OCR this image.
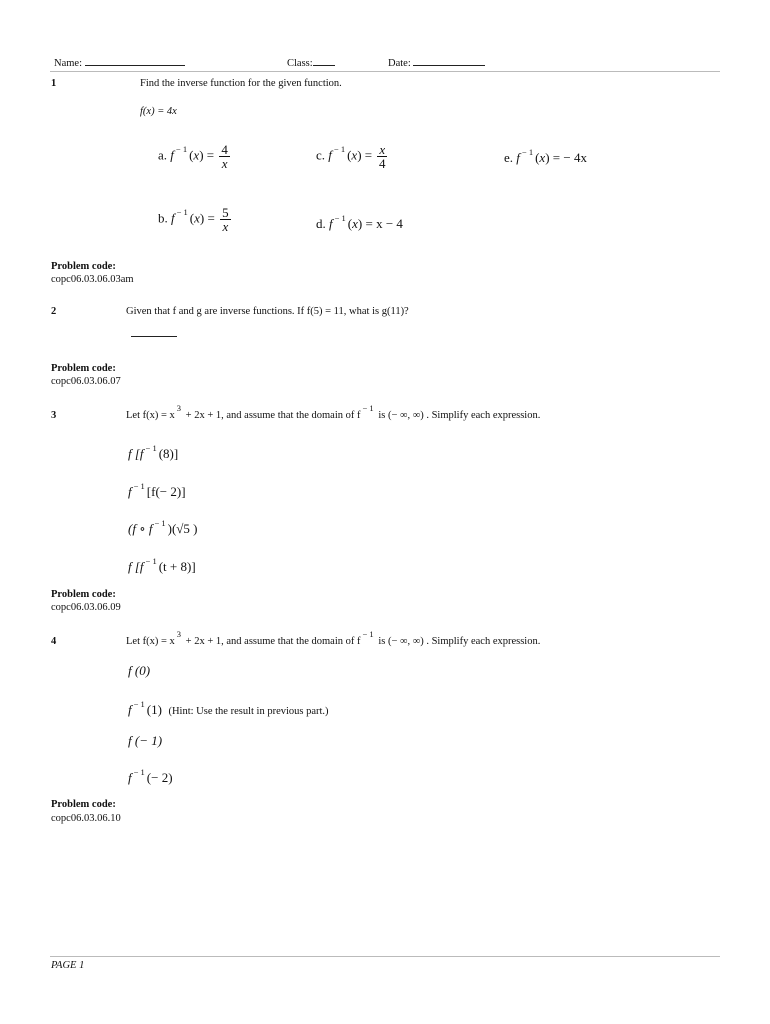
Name:	Class:	Date:
1	Find the inverse function for the given function.
f(x) = 4x
a. f $^{- 1}$ $(x) = \frac{4}{x}$	c. f $^{- 1}$ $(x) = \frac{x}{4}$	e. f $^{- 1}$ (x) = − 4x
b. f $^{- 1}$ $(x) = \frac{5}{x}$	d. f $^{- 1}$ (x) = x − 4
Problem code:
copc06.03.06.03am
2	Given that f and g are inverse functions. If f(5) = 11, what is g(11)?
Problem code:
copc06.03.06.07
3	Let $f(x) = x^3 + 2x + 1$, and assume that the domain of $f^{- 1}$ is (− ∞, ∞) . Simplify each expression.
f [f $^{- 1}$ (8)]
f $^{- 1}$ [f(− 2)]
(f ∘ f $^{- 1}$ )(√5 )
f [f $^{- 1}$ (t + 8)]
Problem code:
copc06.03.06.09
4	Let $f(x) = x^3 + 2x + 1$, and assume that the domain of $f^{- 1}$ is (− ∞, ∞) . Simplify each expression.
f (0)
f $^{- 1}$ (1) (Hint: Use the result in previous part.)
f (− 1)
f $^{- 1}$ (− 2)
Problem code:
copc06.03.06.10
PAGE 1
